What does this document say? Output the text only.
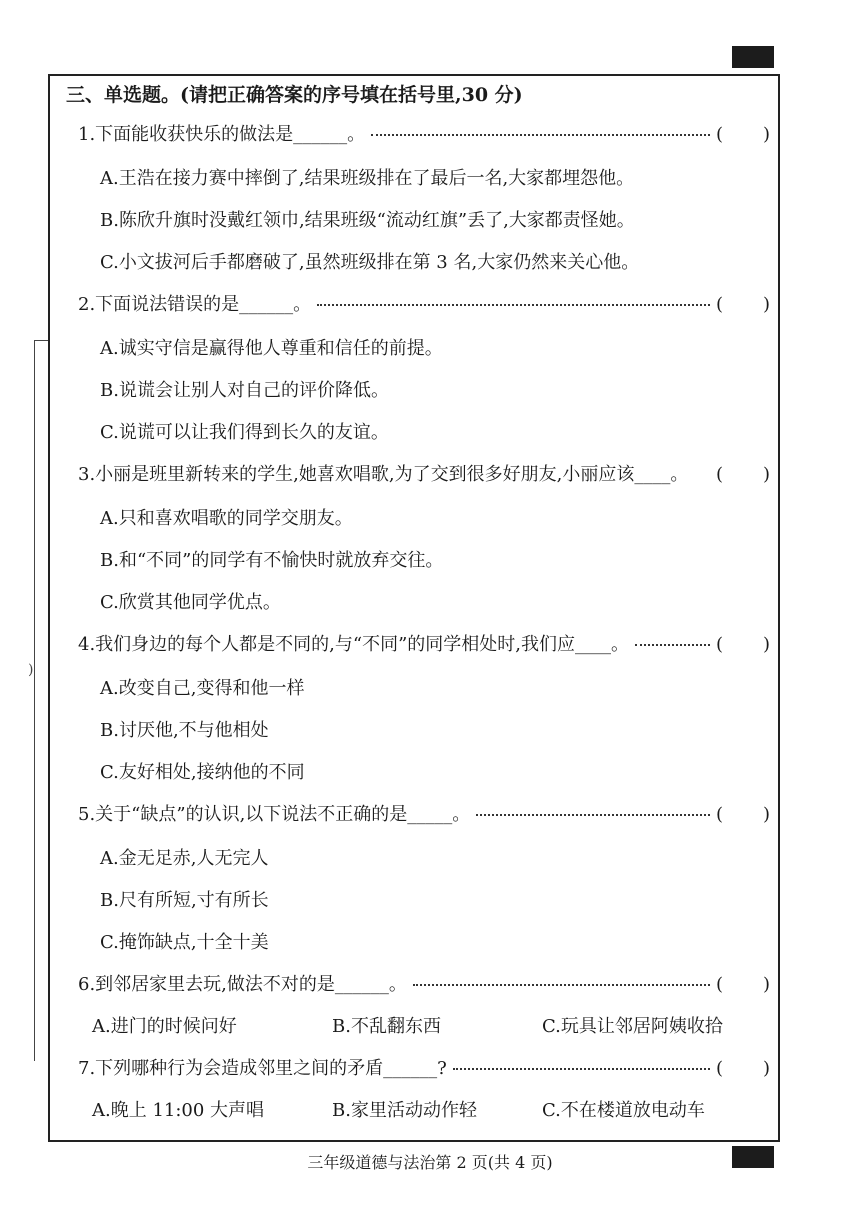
)
三、单选题。(请把正确答案的序号填在括号里,30 分)
1.下面能收获快乐的做法是______。	( )
A.王浩在接力赛中摔倒了,结果班级排在了最后一名,大家都埋怨他。
B.陈欣升旗时没戴红领巾,结果班级“流动红旗”丢了,大家都责怪她。
C.小文拔河后手都磨破了,虽然班级排在第 3 名,大家仍然来关心他。
2.下面说法错误的是______。	( )
A.诚实守信是赢得他人尊重和信任的前提。
B.说谎会让别人对自己的评价降低。
C.说谎可以让我们得到长久的友谊。
3.小丽是班里新转来的学生,她喜欢唱歌,为了交到很多好朋友,小丽应该____。 ( )
A.只和喜欢唱歌的同学交朋友。
B.和“不同”的同学有不愉快时就放弃交往。
C.欣赏其他同学优点。
4.我们身边的每个人都是不同的,与“不同”的同学相处时,我们应____。	( )
A.改变自己,变得和他一样
B.讨厌他,不与他相处
C.友好相处,接纳他的不同
5.关于“缺点”的认识,以下说法不正确的是_____。	( )
A.金无足赤,人无完人
B.尺有所短,寸有所长
C.掩饰缺点,十全十美
6.到邻居家里去玩,做法不对的是______。	( )
A.进门的时候问好	B.不乱翻东西	C.玩具让邻居阿姨收拾
7.下列哪种行为会造成邻里之间的矛盾______?	( )
A.晚上 11:00 大声唱	B.家里活动动作轻	C.不在楼道放电动车
三年级道德与法治第 2 页(共 4 页)
